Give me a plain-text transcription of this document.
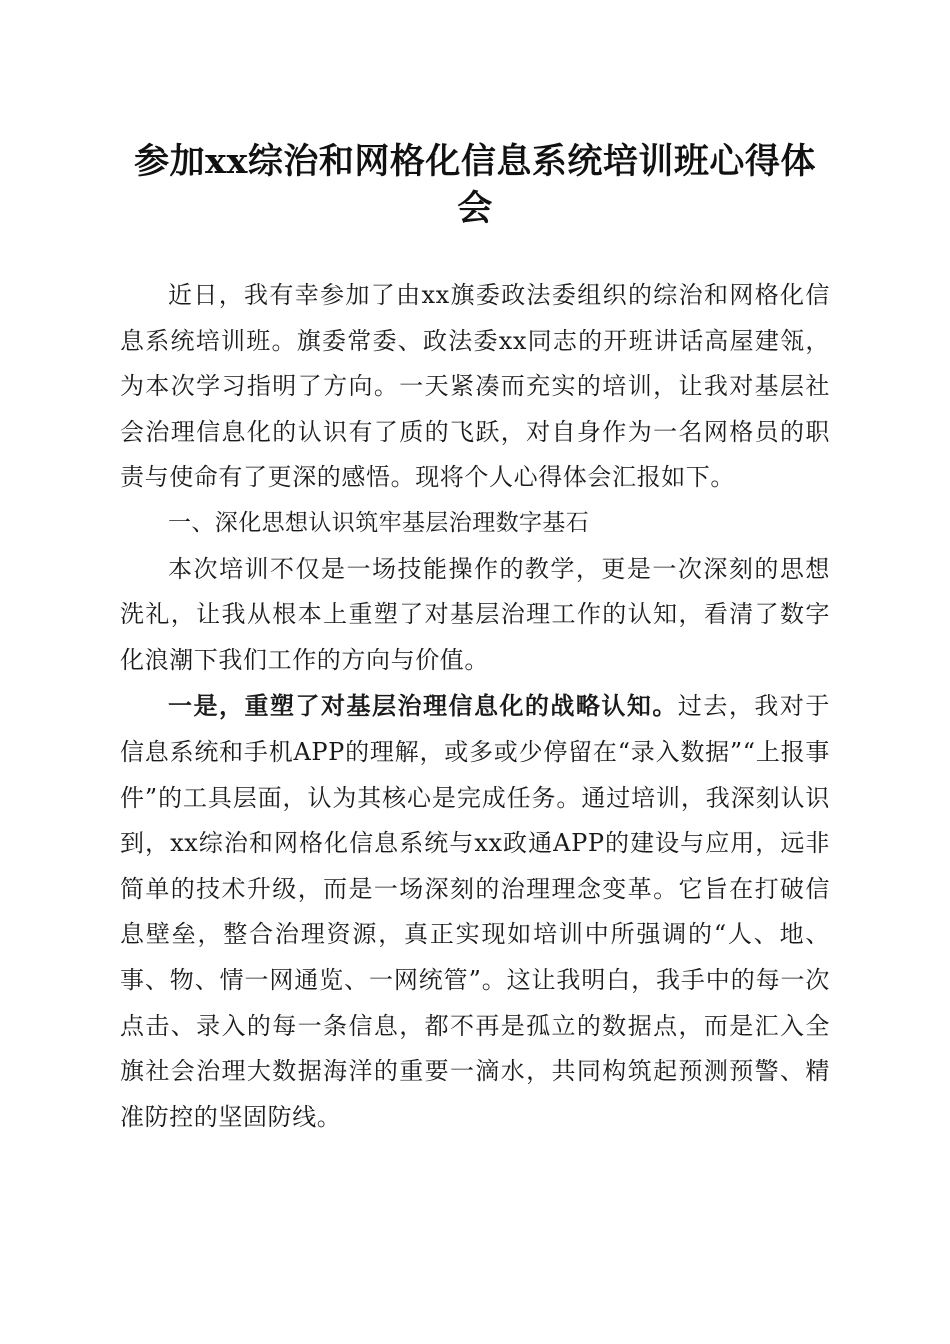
参加xx综治和网格化信息系统培训班心得体会

近日，我有幸参加了由xx旗委政法委组织的综治和网格化信息系统培训班。旗委常委、政法委xx同志的开班讲话高屋建瓴，为本次学习指明了方向。一天紧凑而充实的培训，让我对基层社会治理信息化的认识有了质的飞跃，对自身作为一名网格员的职责与使命有了更深的感悟。现将个人心得体会汇报如下。

一、深化思想认识筑牢基层治理数字基石

本次培训不仅是一场技能操作的教学，更是一次深刻的思想洗礼，让我从根本上重塑了对基层治理工作的认知，看清了数字化浪潮下我们工作的方向与价值。

一是，重塑了对基层治理信息化的战略认知。过去，我对于信息系统和手机APP的理解，或多或少停留在“录入数据”“上报事件”的工具层面，认为其核心是完成任务。通过培训，我深刻认识到，xx综治和网格化信息系统与xx政通APP的建设与应用，远非简单的技术升级，而是一场深刻的治理理念变革。它旨在打破信息壁垒，整合治理资源，真正实现如培训中所强调的“人、地、事、物、情一网通览、一网统管”。这让我明白，我手中的每一次点击、录入的每一条信息，都不再是孤立的数据点，而是汇入全旗社会治理大数据海洋的重要一滴水，共同构筑起预测预警、精准防控的坚固防线。
